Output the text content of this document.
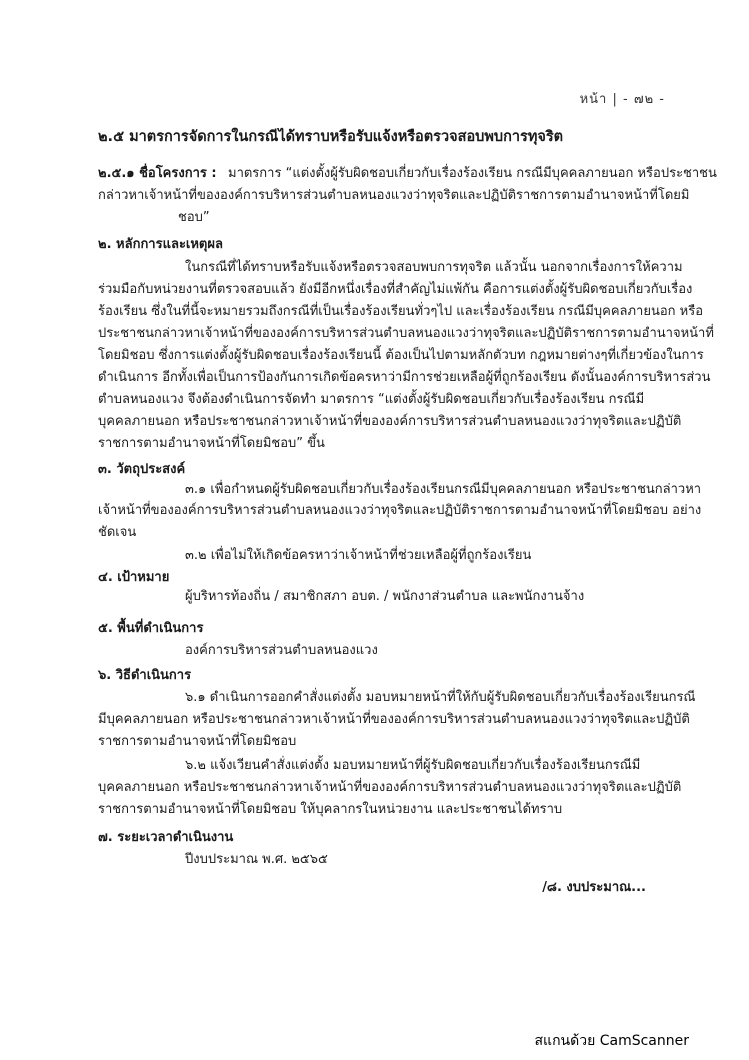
หน้า | - ๗๒ -
๒.๕ มาตรการจัดการในกรณีได้ทราบหรือรับแจ้งหรือตรวจสอบพบการทุจริต
๒.๕.๑ ชื่อโครงการ : มาตรการ “แต่งตั้งผู้รับผิดชอบเกี่ยวกับเรื่องร้องเรียน กรณีมีบุคคลภายนอก หรือประชาชน
กล่าวหาเจ้าหน้าที่ขององค์การบริหารส่วนตำบลหนองแวงว่าทุจริตและปฏิบัติราชการตามอำนาจหน้าที่โดยมิ
ชอบ”
๒. หลักการและเหตุผล
ในกรณีที่ได้ทราบหรือรับแจ้งหรือตรวจสอบพบการทุจริต แล้วนั้น นอกจากเรื่องการให้ความ
ร่วมมือกับหน่วยงานที่ตรวจสอบแล้ว ยังมีอีกหนึ่งเรื่องที่สำคัญไม่แพ้กัน คือการแต่งตั้งผู้รับผิดชอบเกี่ยวกับเรื่อง
ร้องเรียน ซึ่งในที่นี้จะหมายรวมถึงกรณีที่เป็นเรื่องร้องเรียนทั่วๆไป และเรื่องร้องเรียน กรณีมีบุคคลภายนอก หรือ
ประชาชนกล่าวหาเจ้าหน้าที่ขององค์การบริหารส่วนตำบลหนองแวงว่าทุจริตและปฏิบัติราชการตามอำนาจหน้าที่
โดยมิชอบ ซึ่งการแต่งตั้งผู้รับผิดชอบเรื่องร้องเรียนนี้ ต้องเป็นไปตามหลักตัวบท กฎหมายต่างๆที่เกี่ยวข้องในการ
ดำเนินการ อีกทั้งเพื่อเป็นการป้องกันการเกิดข้อครหาว่ามีการช่วยเหลือผู้ที่ถูกร้องเรียน ดังนั้นองค์การบริหารส่วน
ตำบลหนองแวง จึงต้องดำเนินการจัดทำ มาตรการ “แต่งตั้งผู้รับผิดชอบเกี่ยวกับเรื่องร้องเรียน กรณีมี
บุคคลภายนอก หรือประชาชนกล่าวหาเจ้าหน้าที่ขององค์การบริหารส่วนตำบลหนองแวงว่าทุจริตและปฏิบัติ
ราชการตามอำนาจหน้าที่โดยมิชอบ” ขึ้น
๓. วัตถุประสงค์
๓.๑ เพื่อกำหนดผู้รับผิดชอบเกี่ยวกับเรื่องร้องเรียนกรณีมีบุคคลภายนอก หรือประชาชนกล่าวหา
เจ้าหน้าที่ขององค์การบริหารส่วนตำบลหนองแวงว่าทุจริตและปฏิบัติราชการตามอำนาจหน้าที่โดยมิชอบ อย่าง
ชัดเจน
๓.๒ เพื่อไม่ให้เกิดข้อครหาว่าเจ้าหน้าที่ช่วยเหลือผู้ที่ถูกร้องเรียน
๔. เป้าหมาย
ผู้บริหารท้องถิ่น / สมาชิกสภา อบต. / พนักงาส่วนตำบล และพนักงานจ้าง
๕. พื้นที่ดำเนินการ
องค์การบริหารส่วนตำบลหนองแวง
๖. วิธีดำเนินการ
๖.๑ ดำเนินการออกคำสั่งแต่งตั้ง มอบหมายหน้าที่ให้กับผู้รับผิดชอบเกี่ยวกับเรื่องร้องเรียนกรณี
มีบุคคลภายนอก หรือประชาชนกล่าวหาเจ้าหน้าที่ขององค์การบริหารส่วนตำบลหนองแวงว่าทุจริตและปฏิบัติ
ราชการตามอำนาจหน้าที่โดยมิชอบ
๖.๒ แจ้งเวียนคำสั่งแต่งตั้ง มอบหมายหน้าที่ผู้รับผิดชอบเกี่ยวกับเรื่องร้องเรียนกรณีมี
บุคคลภายนอก หรือประชาชนกล่าวหาเจ้าหน้าที่ขององค์การบริหารส่วนตำบลหนองแวงว่าทุจริตและปฏิบัติ
ราชการตามอำนาจหน้าที่โดยมิชอบ ให้บุคลากรในหน่วยงาน และประชาชนได้ทราบ
๗. ระยะเวลาดำเนินงาน
ปีงบประมาณ พ.ศ. ๒๕๖๕
/๘. งบประมาณ...
สแกนด้วย CamScanner
